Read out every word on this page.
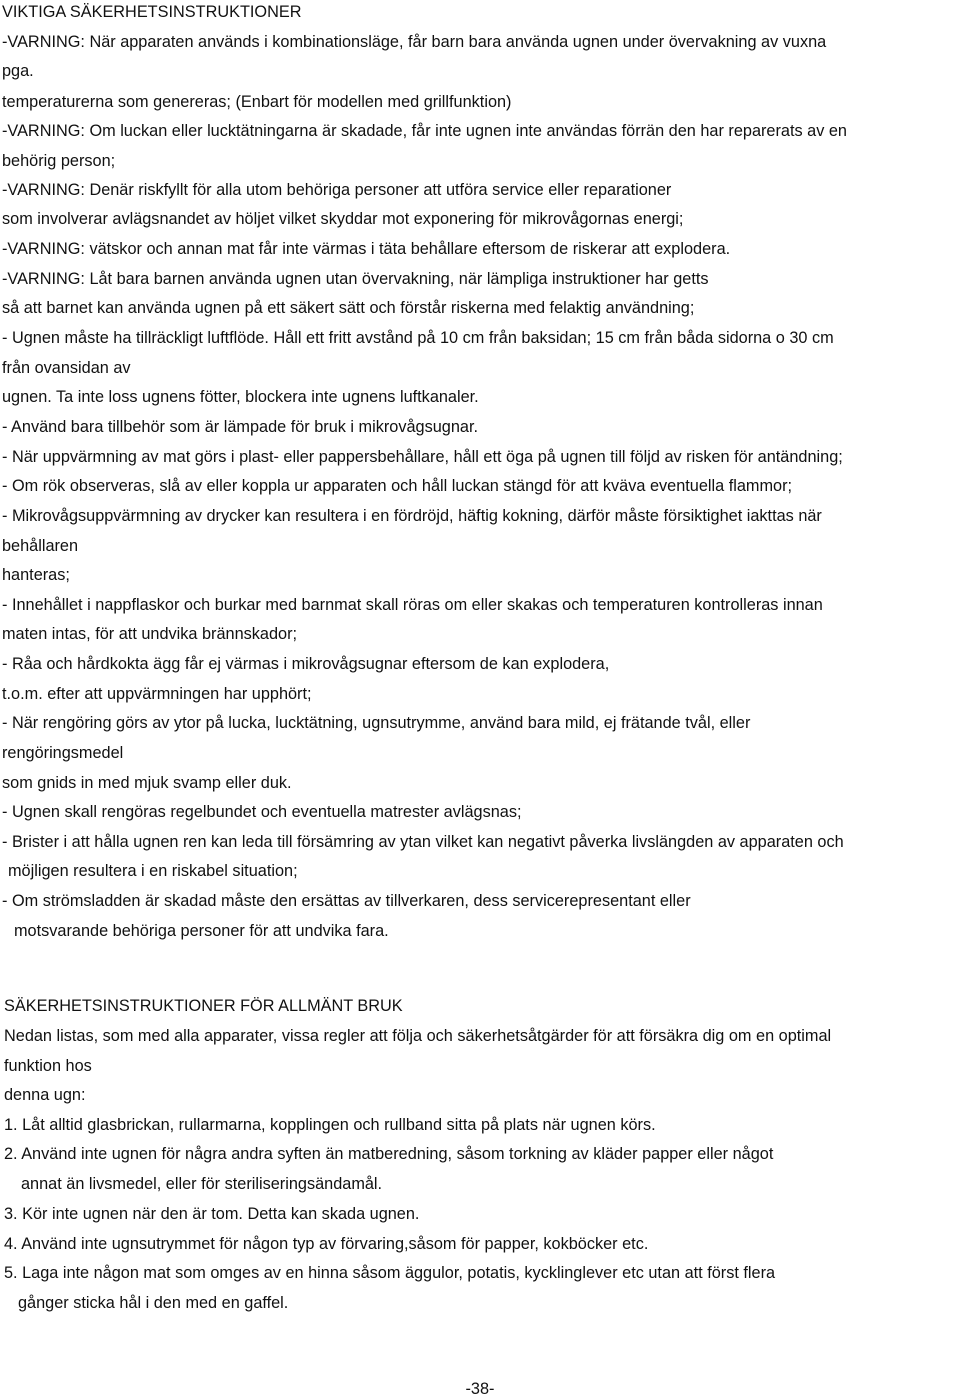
VIKTIGA SÄKERHETSINSTRUKTIONER
-VARNING: När apparaten används i kombinationsläge, får barn bara använda ugnen under övervakning av vuxna
pga.
temperaturerna som genereras; (Enbart för modellen med grillfunktion)
-VARNING: Om luckan eller lucktätningarna är skadade, får inte ugnen inte användas förrän den har reparerats av en
behörig person;
-VARNING: Denär riskfyllt för alla utom behöriga personer att utföra service eller reparationer
som involverar avlägsnandet av höljet vilket skyddar mot exponering för mikrovågornas energi;
-VARNING: vätskor och annan mat får inte värmas i täta behållare eftersom de riskerar att explodera.
-VARNING: Låt bara barnen använda ugnen utan övervakning, när lämpliga instruktioner har getts
så att barnet kan använda ugnen på ett säkert sätt och förstår riskerna med felaktig användning;
- Ugnen måste ha tillräckligt luftflöde. Håll ett fritt avstånd på 10 cm från baksidan; 15 cm från båda sidorna o 30 cm
från ovansidan av
ugnen. Ta inte loss ugnens fötter, blockera inte ugnens luftkanaler.
- Använd bara tillbehör som är lämpade för bruk i mikrovågsugnar.
- När uppvärmning av mat görs i plast- eller pappersbehållare, håll ett öga på ugnen till följd av risken för antändning;
- Om rök observeras, slå av eller koppla ur apparaten och håll luckan stängd för att kväva eventuella flammor;
- Mikrovågsuppvärmning av drycker kan resultera i en fördröjd, häftig kokning, därför måste försiktighet iakttas när
behållaren
hanteras;
- Innehållet i nappflaskor och burkar med barnmat skall röras om eller skakas och temperaturen kontrolleras innan
maten intas, för att undvika brännskador;
- Råa och hårdkokta ägg får ej värmas i mikrovågsugnar eftersom de kan explodera,
t.o.m. efter att uppvärmningen har upphört;
- När rengöring görs av ytor på lucka, lucktätning, ugnsutrymme, använd bara mild, ej frätande tvål, eller
rengöringsmedel
som gnids in med mjuk svamp eller duk.
- Ugnen skall rengöras regelbundet och eventuella matrester avlägsnas;
- Brister i att hålla ugnen ren kan leda till försämring av ytan vilket kan negativt påverka livslängden av apparaten och
möjligen resultera i en riskabel situation;
- Om strömsladden är skadad måste den ersättas av tillverkaren, dess servicerepresentant eller
motsvarande behöriga personer för att undvika fara.
SÄKERHETSINSTRUKTIONER FÖR ALLMÄNT BRUK
Nedan listas, som med alla apparater, vissa regler att följa och säkerhetsåtgärder för att försäkra dig om en optimal
funktion hos
denna ugn:
1. Låt alltid glasbrickan, rullarmarna, kopplingen och rullband sitta på plats när ugnen körs.
2. Använd inte ugnen för några andra syften än matberedning, såsom torkning av kläder papper eller något
annat än livsmedel, eller för steriliseringsändamål.
3. Kör inte ugnen när den är tom. Detta kan skada ugnen.
4. Använd inte ugnsutrymmet för någon typ av förvaring,såsom för papper, kokböcker etc.
5. Laga inte någon mat som omges av en hinna såsom äggulor, potatis, kycklinglever etc utan att först flera
gånger sticka hål i den med en gaffel.
-38-
